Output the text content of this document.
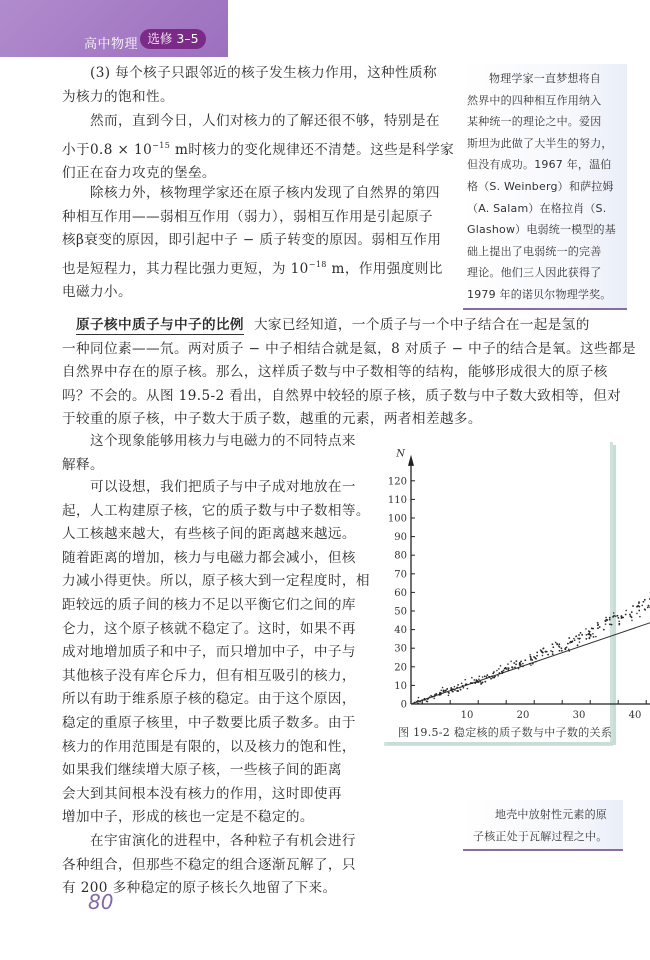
高中物理 选修 3–5
(3) 每个核子只跟邻近的核子发生核力作用，这种性质称
为核力的饱和性。
然而，直到今日，人们对核力的了解还很不够，特别是在
小于$0.8 \times 10^{-15}$ m时核力的变化规律还不清楚。这些是科学家
们正在奋力攻克的堡垒。
除核力外，核物理学家还在原子核内发现了自然界的第四
种相互作用——弱相互作用（弱力），弱相互作用是引起原子
核β衰变的原因，即引起中子 − 质子转变的原因。弱相互作用
也是短程力，其力程比强力更短，为 $10^{-18}$ m，作用强度则比
电磁力小。
物理学家一直梦想将自
然界中的四种相互作用纳入
某种统一的理论之中。爱因
斯坦为此做了大半生的努力，
但没有成功。1967 年，温伯
格（S. Weinberg）和萨拉姆
（A. Salam）在格拉肖（S.
Glashow）电弱统一模型的基
础上提出了电弱统一的完善
理论。他们三人因此获得了
1979 年的诺贝尔物理学奖。
原子核中质子与中子的比例 大家已经知道，一个质子与一个中子结合在一起是氢的
一种同位素——氘。两对质子 − 中子相结合就是氦，8 对质子 − 中子的结合是氧。这些都是
自然界中存在的原子核。那么，这样质子数与中子数相等的结构，能够形成很大的原子核
吗？不会的。从图 19.5-2 看出，自然界中较轻的原子核，质子数与中子数大致相等，但对
于较重的原子核，中子数大于质子数，越重的元素，两者相差越多。
这个现象能够用核力与电磁力的不同特点来
解释。
可以设想，我们把质子与中子成对地放在一
起，人工构建原子核，它的质子数与中子数相等。
人工核越来越大，有些核子间的距离越来越远。
随着距离的增加，核力与电磁力都会减小，但核
力减小得更快。所以，原子核大到一定程度时，相
距较远的质子间的核力不足以平衡它们之间的库
仑力，这个原子核就不稳定了。这时，如果不再
成对地增加质子和中子，而只增加中子，中子与
其他核子没有库仑斥力，但有相互吸引的核力，
所以有助于维系原子核的稳定。由于这个原因，
稳定的重原子核里，中子数要比质子数多。由于
核力的作用范围是有限的，以及核力的饱和性，
如果我们继续增大原子核，一些核子间的距离
会大到其间根本没有核力的作用，这时即使再
增加中子，形成的核也一定是不稳定的。
在宇宙演化的进程中，各种粒子有机会进行
各种组合，但那些不稳定的组合逐渐瓦解了，只
有 200 多种稳定的原子核长久地留了下来。
N
0
10
20
30
40
50
60
70
80
90
100
110
120
10	20	30	40
图 19.5-2 稳定核的质子数与中子数的关系
地壳中放射性元素的原
子核正处于瓦解过程之中。
80
